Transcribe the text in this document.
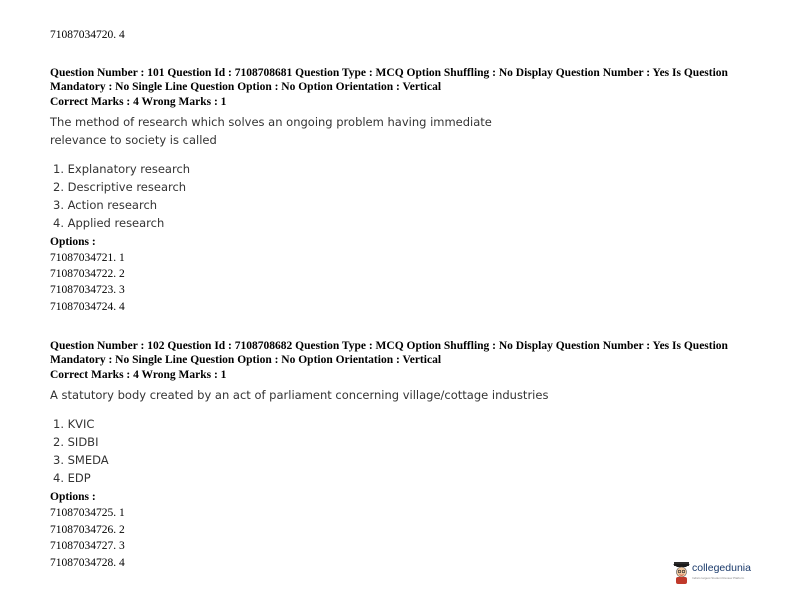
71087034720. 4
Question Number : 101 Question Id : 7108708681 Question Type : MCQ Option Shuffling : No Display Question Number : Yes Is Question Mandatory : No Single Line Question Option : No Option Orientation : Vertical
Correct Marks : 4 Wrong Marks : 1
The method of research which solves an ongoing problem having immediate relevance to society is called
1. Explanatory research
2. Descriptive research
3. Action research
4. Applied research
Options :
71087034721. 1
71087034722. 2
71087034723. 3
71087034724. 4
Question Number : 102 Question Id : 7108708682 Question Type : MCQ Option Shuffling : No Display Question Number : Yes Is Question Mandatory : No Single Line Question Option : No Option Orientation : Vertical
Correct Marks : 4 Wrong Marks : 1
A statutory body created by an act of parliament concerning village/cottage industries
1. KVIC
2. SIDBI
3. SMEDA
4. EDP
Options :
71087034725. 1
71087034726. 2
71087034727. 3
71087034728. 4	collegedunia
India's largest Student Review Platform
